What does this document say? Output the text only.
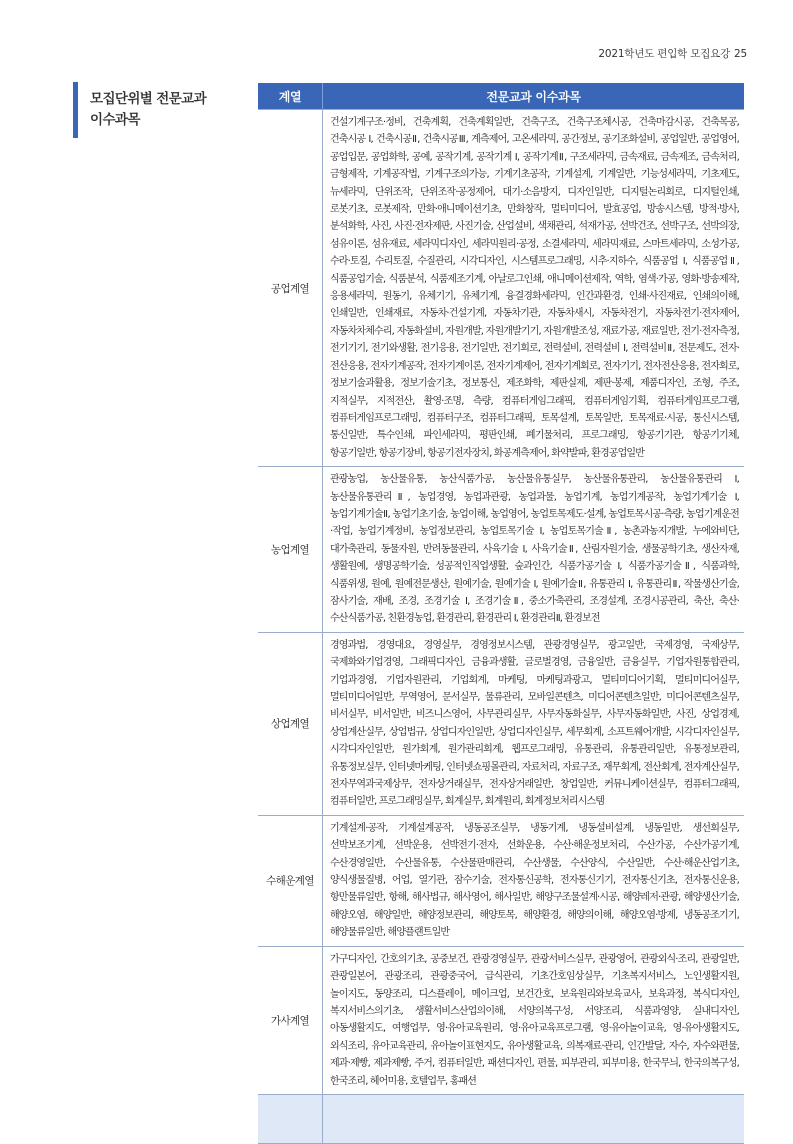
2021학년도 편입학 모집요강 25
모집단위별 전문교과
이수과목
계열	전문교과 이수과목
공업계열	건설기계구조·정비, 건축계획, 건축계획일반, 건축구조, 건축구조체시공, 건축마감시공, 건축목공, 건축시공 I, 건축시공Ⅱ, 건축시공Ⅲ, 계측제어, 고온세라믹, 공간정보, 공기조화설비, 공업일반, 공업영어, 공업입문, 공업화학, 공예, 공작기계, 공작기계 I, 공작기계Ⅱ, 구조세라믹, 금속재료, 금속제조, 금속처리, 금형제작, 기계공작법, 기계구조의가능, 기계기초공작, 기계설계, 기계일반, 기능성세라믹, 기초제도, 뉴세라믹, 단위조작, 단위조작·공정제어, 대기·소음방지, 디자인일반, 디지털논리회로, 디지털인쇄, 로봇기초, 로봇제작, 만화·애니메이션기초, 만화창작, 멀티미디어, 발효공업, 방송시스템, 방적·방사, 분석화학, 사진, 사진·전자제판, 사진기술, 산업설비, 색채관리, 석재가공, 선박건조, 선박구조, 선박의장, 섬유이론, 섬유재료, 세라믹디자인, 세라믹원리·공정, 소결세라믹, 세라믹재료, 스마트세라믹, 소성가공, 수라·토질, 수리토질, 수질관리, 시각디자인, 시스템프로그래밍, 시추·지하수, 식품공업 I, 식품공업Ⅱ, 식품공업기술, 식품분석, 식품제조기계, 아날로그인쇄, 애니메이션제작, 역학, 염색·가공, 영화·방송제작, 응용세라믹, 원동기, 유체기기, 유체기계, 융결경화세라믹, 인간과환경, 인쇄·사진재료, 인쇄의이해, 인쇄일반, 인쇄재료, 자동차·건설기계, 자동차기관, 자동차새시, 자동차전기, 자동차전기·전자제어, 자동차차체수리, 자동화설비, 자원개발, 자원개발기기, 자원개발조성, 재료가공, 재료일반, 전기·전자측정, 전기기기, 전기와생활, 전기응용, 전기일반, 전기회로, 전력설비, 전력설비 I, 전력설비Ⅱ, 전문제도, 전자·전산응용, 전자기계공작, 전자기계이론, 전자기계제어, 전자기계회로, 전자기기, 전자전산응용, 전자회로, 정보기술과활용, 정보기술기초, 정보통신, 제조화학, 제판실제, 제판·봉제, 제품디자인, 조형, 주조, 지적실무, 지적전산, 촬영·조명, 측량, 컴퓨터게임그래픽, 컴퓨터게임기획, 컴퓨터게임프로그램, 컴퓨터게임프로그래밍, 컴퓨터구조, 컴퓨터그래픽, 토목설계, 토목일반, 토목재료·시공, 통신시스템, 통신일반, 특수인쇄, 파인세라믹, 평판인쇄, 폐기물처리, 프로그래밍, 항공기기관, 항공기기체, 항공기일반, 항공기장비, 항공기전자장치, 화공계측제어, 화약발파, 환경공업일반
농업계열	관광농업, 농산물유통, 농산식품가공, 농산물유통실무, 농산물유통관리, 농산물유통관리 I, 농산물유통관리Ⅱ, 농업경영, 농업과관광, 농업과물, 농업기계, 농업기계공작, 농업기계기술 I, 농업기계기술Ⅱ, 농업기초기술, 농업이해, 농업영어, 농업토목제도·설계, 농업토목시공·측량, 농업기계운전·작업, 농업기계정비, 농업정보관리, 농업토목기술 I, 농업토목기술Ⅱ, 농촌과농지개발, 누에와비단, 대가축관리, 동물자원, 반려동물관리, 사육기술 I, 사육기술Ⅱ, 산림자원기술, 생물공학기초, 생산자재, 생활원예, 생명공학기술, 성공적인직업생활, 숲과인간, 식품가공기술 I, 식품가공기술Ⅱ, 식품과학, 식품위생, 원예, 원예전문생산, 원예기술, 원예기술 I, 원예기술Ⅱ, 유통관리 I, 유통관리Ⅱ, 작물생산기술, 잠사기술, 재배, 조경, 조경기술 I, 조경기술Ⅱ, 중소가축관리, 조경설계, 조경시공관리, 축산, 축산·수산식품가공, 친환경농업, 환경관리, 환경관리 I, 환경관리Ⅱ, 환경보전
상업계열	경영과법, 경영대요, 경영실무, 경영정보시스템, 관광경영실무, 광고일반, 국제경영, 국제상무, 국제화와기업경영, 그래픽디자인, 금융과생활, 글로벌경영, 금융일반, 금융실무, 기업자원통합관리, 기업과경영, 기업자원관리, 기업회계, 마케팅, 마케팅과광고, 멀티미디어기획, 멀티미디어실무, 멀티미디어일반, 무역영어, 문서실무, 물류관리, 모바일콘텐츠, 미디어콘텐츠일반, 미디어콘텐츠실무, 비서실무, 비서일반, 비즈니스영어, 사무관리실무, 사무자동화실무, 사무자동화일반, 사진, 상업경제, 상업계산실무, 상업법규, 상업디자인일반, 상업디자인실무, 세무회계, 소프트웨어개발, 시각디자인실무, 시각디자인일반, 원가회계, 원가관리회계, 웹프로그래밍, 유통관리, 유통관리일반, 유통정보관리, 유통정보실무, 인터넷마케팅, 인터넷쇼핑몰관리, 자료처리, 자료구조, 재무회계, 전산회계, 전자계산실무, 전자무역과국제상무, 전자상거래실무, 전자상거래일반, 창업일반, 커뮤니케이션실무, 컴퓨터그래픽, 컴퓨터일반, 프로그래밍실무, 회계실무, 회계원리, 회계정보처리시스템
수해운계열	기계설계·공작, 기계설계공작, 냉동공조실무, 냉동기계, 냉동설비설계, 냉동일반, 생선회실무, 선박보조기계, 선박운용, 선박전기·전자, 선화운용, 수산·해운정보처리, 수산가공, 수산가공기계, 수산경영일반, 수산물유통, 수산물판매관리, 수산생물, 수산양식, 수산일반, 수산·해운산업기초, 양식생물질병, 어업, 열기관, 잠수기술, 전자통신공학, 전자통신기기, 전자통신기초, 전자통신운용, 항만물류일반, 항해, 해사법규, 해사영어, 해사일반, 해양구조물설계·시공, 해양레저·관광, 해양생산기술, 해양오염, 해양일반, 해양정보관리, 해양토목, 해양환경, 해양의이해, 해양오염·방제, 냉동공조기기, 해양물류일반, 해양플랜트일반
가사계열	가구디자인, 간호의기초, 공중보건, 관광경영실무, 관광서비스실무, 관광영어, 관광외식·조리, 관광일반, 관광일본어, 관광조리, 관광중국어, 급식관리, 기초간호임상실무, 기초복지서비스, 노인생활지원, 놀이지도, 동양조리, 디스플레이, 메이크업, 보건간호, 보육원리와보육교사, 보육과정, 복식디자인, 복지서비스의기초, 생활서비스산업의이해, 서양의복구성, 서양조리, 식품과영양, 실내디자인, 아동생활지도, 여행업무, 영·유아교육원리, 영·유아교육프로그램, 영·유아놀이교육, 영·유아생활지도, 외식조리, 유아교육관리, 유아놀이표현지도, 유아생활교육, 의복재료·관리, 인간발달, 자수, 자수와편물, 제과·제빵, 제과제빵, 주거, 컴퓨터일반, 패션디자인, 편물, 피부관리, 피부미용, 한국무늬, 한국의복구성, 한국조리, 헤어미용, 호텔업무, 홍패션
